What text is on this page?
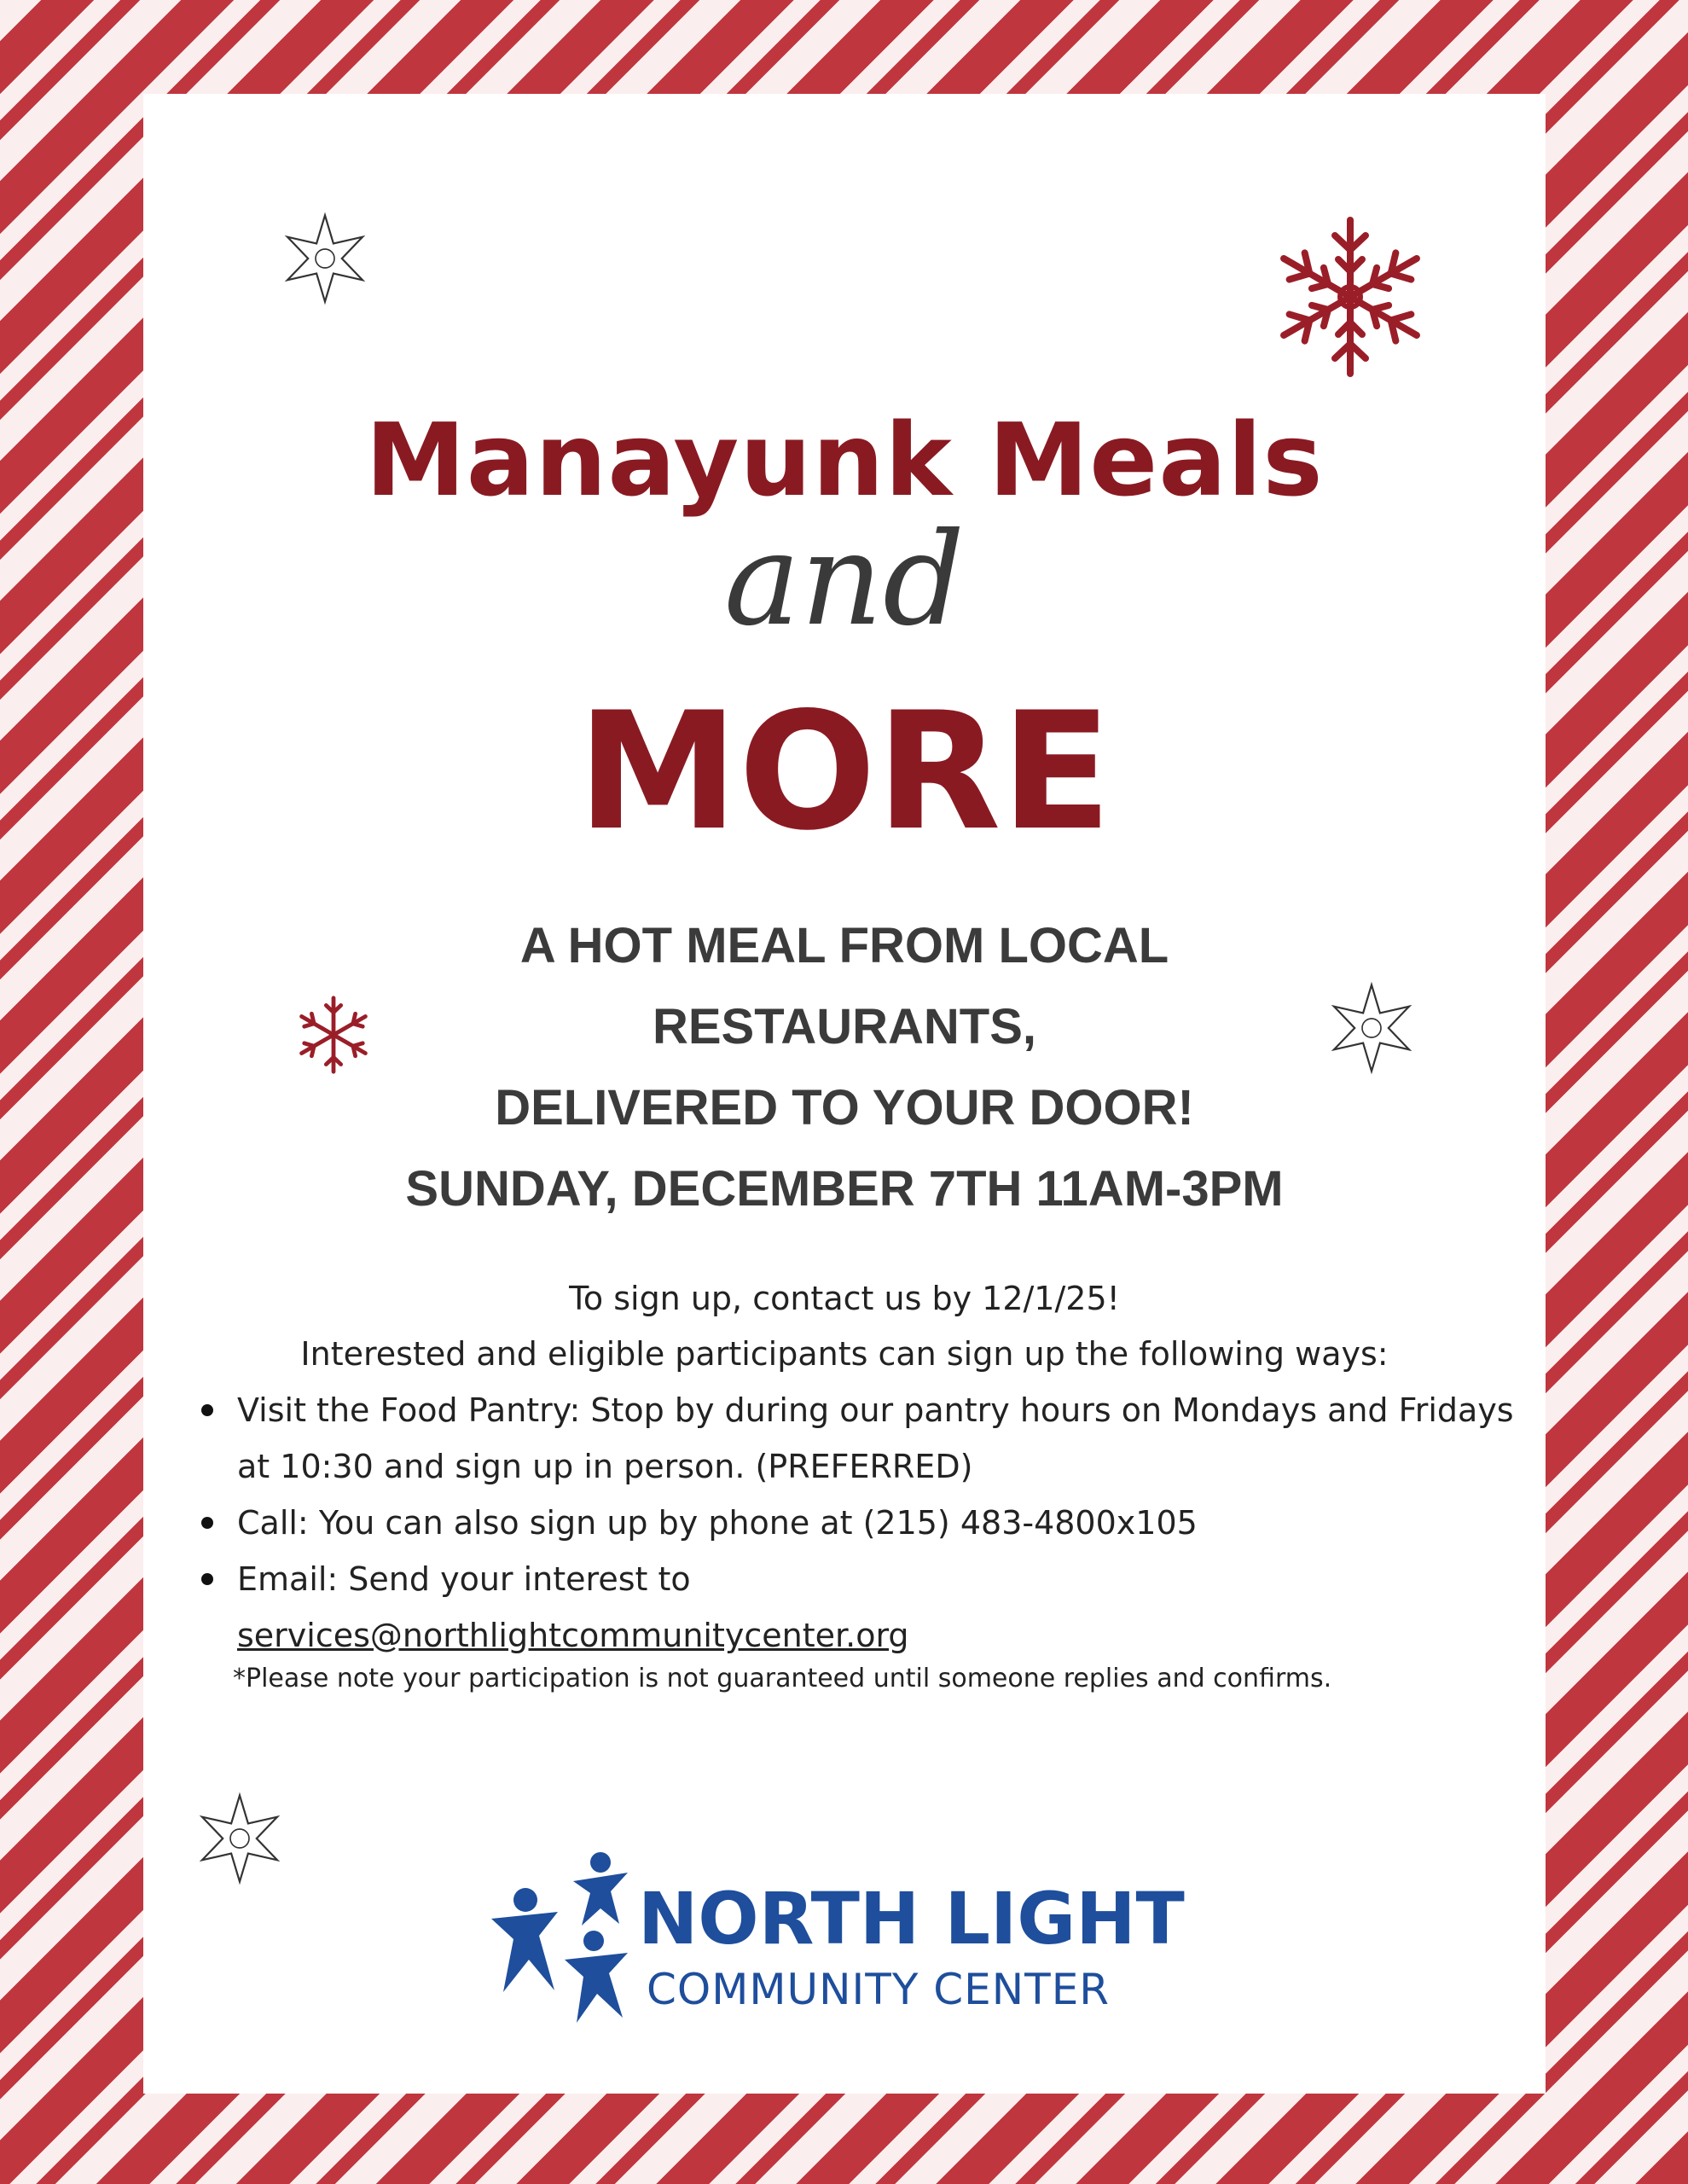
Manayunk Meals
and
MORE
A HOT MEAL FROM LOCAL
RESTAURANTS,
DELIVERED TO YOUR DOOR!
SUNDAY, DECEMBER 7TH 11AM-3PM
To sign up, contact us by 12/1/25!
Interested and eligible participants can sign up the following ways:
Visit the Food Pantry: Stop by during our pantry hours on Mondays and Fridays at 10:30 and sign up in person. (PREFERRED)
Call: You can also sign up by phone at (215) 483-4800x105
Email: Send your interest to
services@northlightcommunitycenter.org
*Please note your participation is not guaranteed until someone replies and confirms.
NORTH LIGHT
COMMUNITY CENTER
